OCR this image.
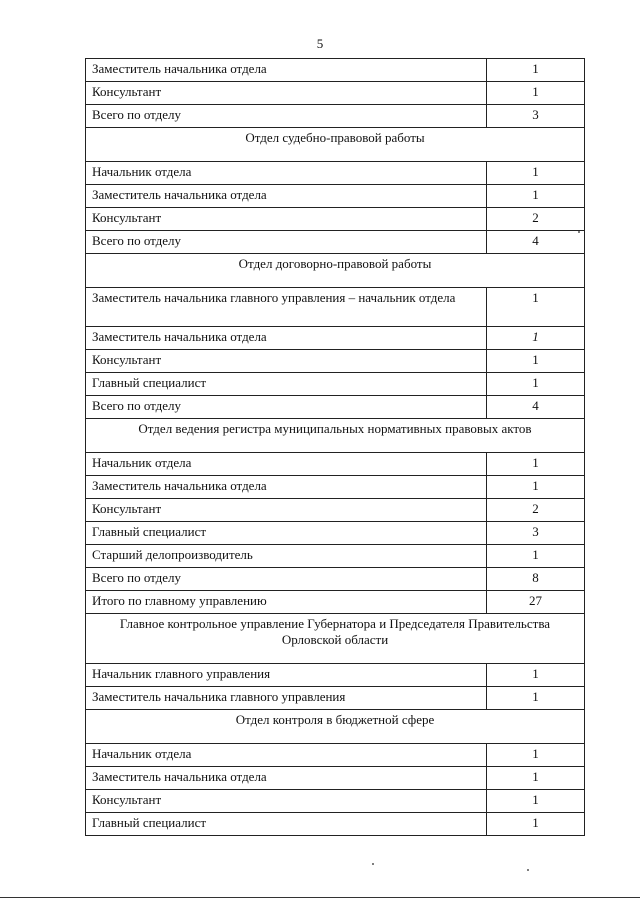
5
Заместитель начальника отдела	1
Консультант	1
Всего по отделу	3
Отдел судебно-правовой работы	
Начальник отдела	1
Заместитель начальника отдела	1
Консультант	2
Всего по отделу	4
Отдел договорно-правовой работы	
Заместитель начальника главного управления – начальник отдела	1
Заместитель начальника отдела	1
Консультант	1
Главный специалист	1
Всего по отделу	4
Отдел ведения регистра муниципальных нормативных правовых актов	
Начальник отдела	1
Заместитель начальника отдела	1
Консультант	2
Главный специалист	3
Старший делопроизводитель	1
Всего по отделу	8
Итого по главному управлению	27
Главное контрольное управление Губернатора и Председателя Правительства Орловской области	
Начальник главного управления	1
Заместитель начальника главного управления	1
Отдел контроля в бюджетной сфере	
Начальник отдела	1
Заместитель начальника отдела	1
Консультант	1
Главный специалист	1
